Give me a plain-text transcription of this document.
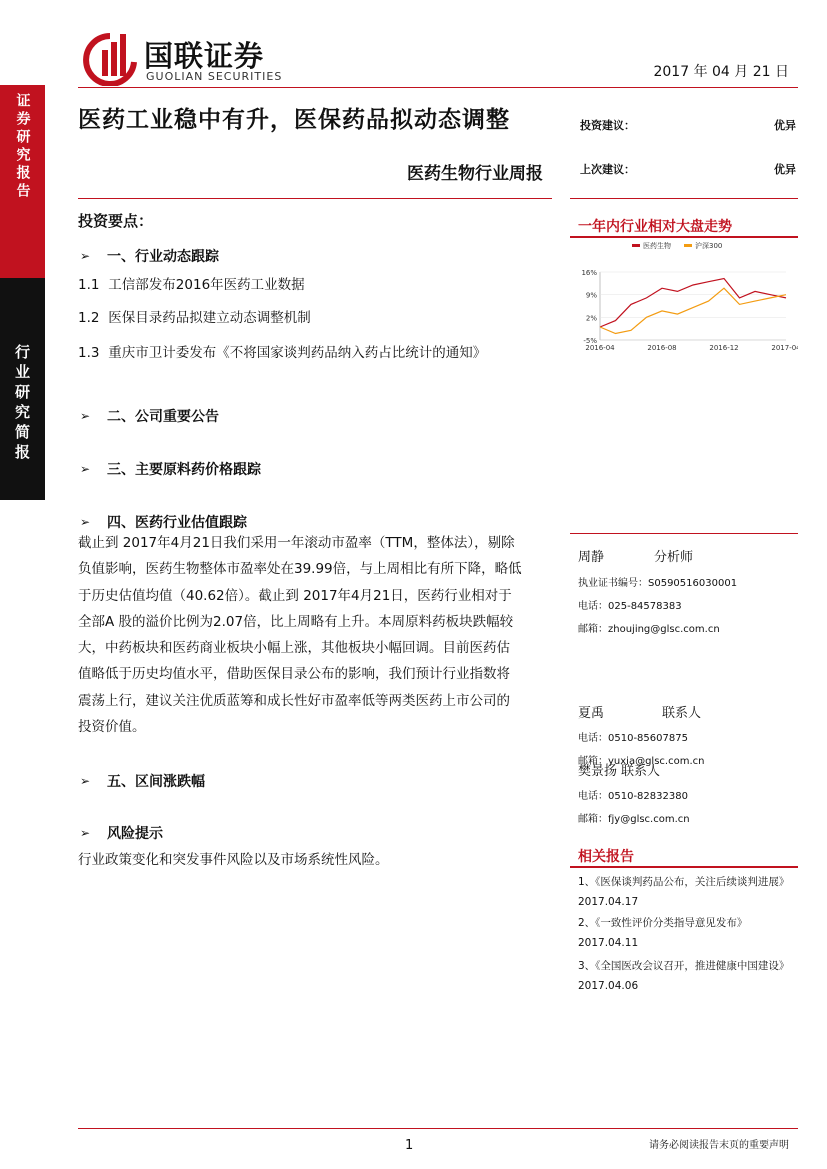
证券研究报告
行业研究简报
国联证券
GUOLIAN SECURITIES	2017 年 04 月 21 日
医药工业稳中有升，医保药品拟动态调整
医药生物行业周报
投资建议：	优异
上次建议：	优异
投资要点：
➢	一、行业动态跟踪
1.1 工信部发布2016年医药工业数据
1.2 医保目录药品拟建立动态调整机制
1.3 重庆市卫计委发布《不将国家谈判药品纳入药占比统计的通知》
➢	二、公司重要公告
➢	三、主要原料药价格跟踪
➢	四、医药行业估值跟踪
截止到 2017年4月21日我们采用一年滚动市盈率（TTM，整体法），剔除
负值影响，医药生物整体市盈率处在39.99倍，与上周相比有所下降，略低
于历史估值均值（40.62倍）。截止到 2017年4月21日，医药行业相对于
全部A 股的溢价比例为2.07倍，比上周略有上升。本周原料药板块跌幅较
大，中药板块和医药商业板块小幅上涨，其他板块小幅回调。目前医药估
值略低于历史均值水平，借助医保目录公布的影响，我们预计行业指数将
震荡上行，建议关注优质蓝筹和成长性好市盈率低等两类医药上市公司的
投资价值。
➢	五、区间涨跌幅
➢	风险提示
行业政策变化和突发事件风险以及市场系统性风险。
一年内行业相对大盘走势
16%
9%
2%
-5%
2016-04	2016-08	2016-12	2017-04
医药生物	沪深300
周静	分析师
执业证书编号：S0590516030001
电话：025-84578383
邮箱：zhoujing@glsc.com.cn
夏禹	联系人
电话：0510-85607875
邮箱：yuxia@glsc.com.cn
樊景扬 联系人
电话：0510-82832380
邮箱：fjy@glsc.com.cn
相关报告
1、《医保谈判药品公布，关注后续谈判进展》
2017.04.17
2、《一致性评价分类指导意见发布》
2017.04.11
3、《全国医改会议召开，推进健康中国建设》
2017.04.06
1	请务必阅读报告末页的重要声明
